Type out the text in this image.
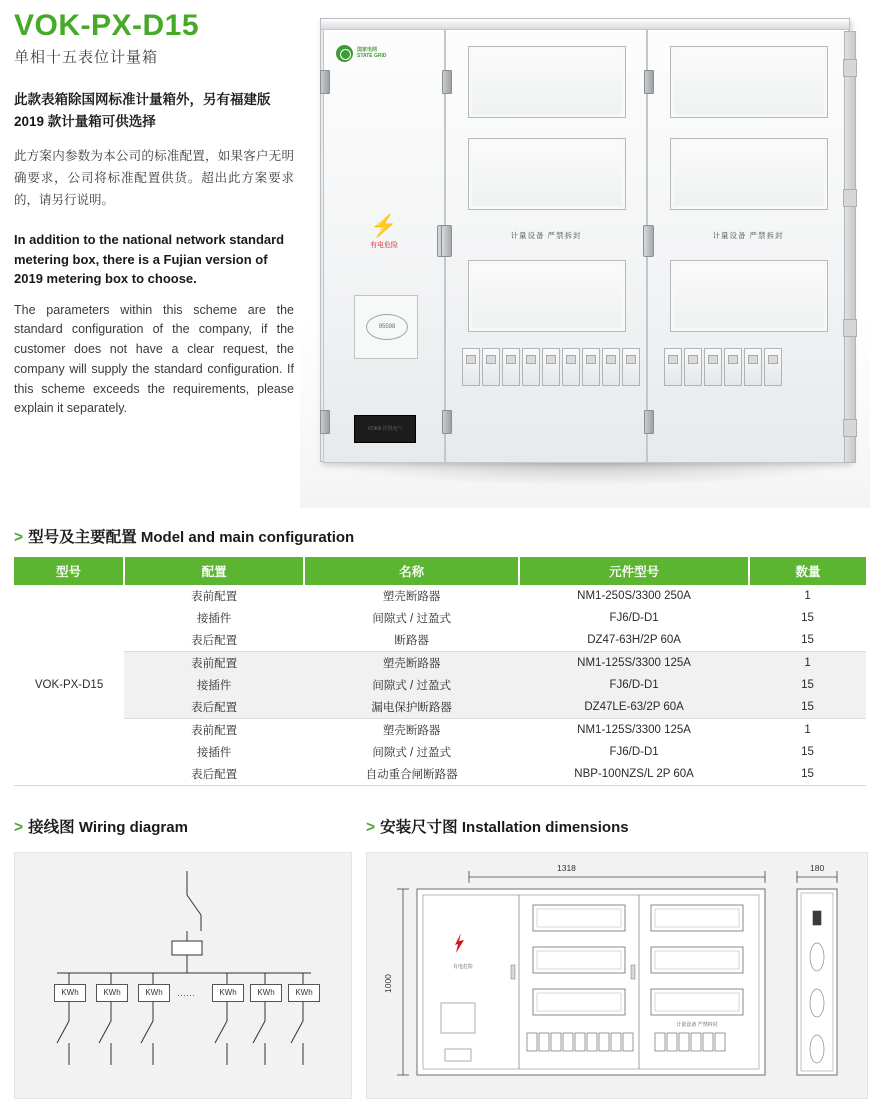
VOK-PX-D15
单相十五表位计量箱
此款表箱除国网标准计量箱外，另有福建版 2019 款计量箱可供选择
此方案内参数为本公司的标准配置，如果客户无明确要求，公司将标准配置供货。超出此方案要求的，请另行说明。
In addition to the national network standard metering box, there is a Fujian version of 2019 metering box to choose.
The parameters within this scheme are the standard configuration of the company, if the customer does not have a clear request, the company will supply the standard configuration. If this scheme exceeds the requirements, please explain it separately.
国家电网
STATE GRID
⚡
有电危险
95598
VOKA 沃凯电气
计量设备 严禁拆封	计量设备 严禁拆封
> 型号及主要配置 Model and main configuration
型号	配置	名称	元件型号	数量
VOK-PX-D15	表前配置	塑壳断路器	NM1-250S/3300 250A	1
	接插件	间隙式 / 过盈式	FJ6/D-D1	15
	表后配置	断路器	DZ47-63H/2P 60A	15
	表前配置	塑壳断路器	NM1-125S/3300 125A	1
	接插件	间隙式 / 过盈式	FJ6/D-D1	15
	表后配置	漏电保护断路器	DZ47LE-63/2P 60A	15
	表前配置	塑壳断路器	NM1-125S/3300 125A	1
	接插件	间隙式 / 过盈式	FJ6/D-D1	15
	表后配置	自动重合闸断路器	NBP-100NZS/L 2P 60A	15
> 接线图 Wiring diagram	> 安装尺寸图 Installation dimensions
KWh	KWh	KWh	……	KWh	KWh	KWh
1318	180
1000
有电危险
计量设备 严禁拆封
